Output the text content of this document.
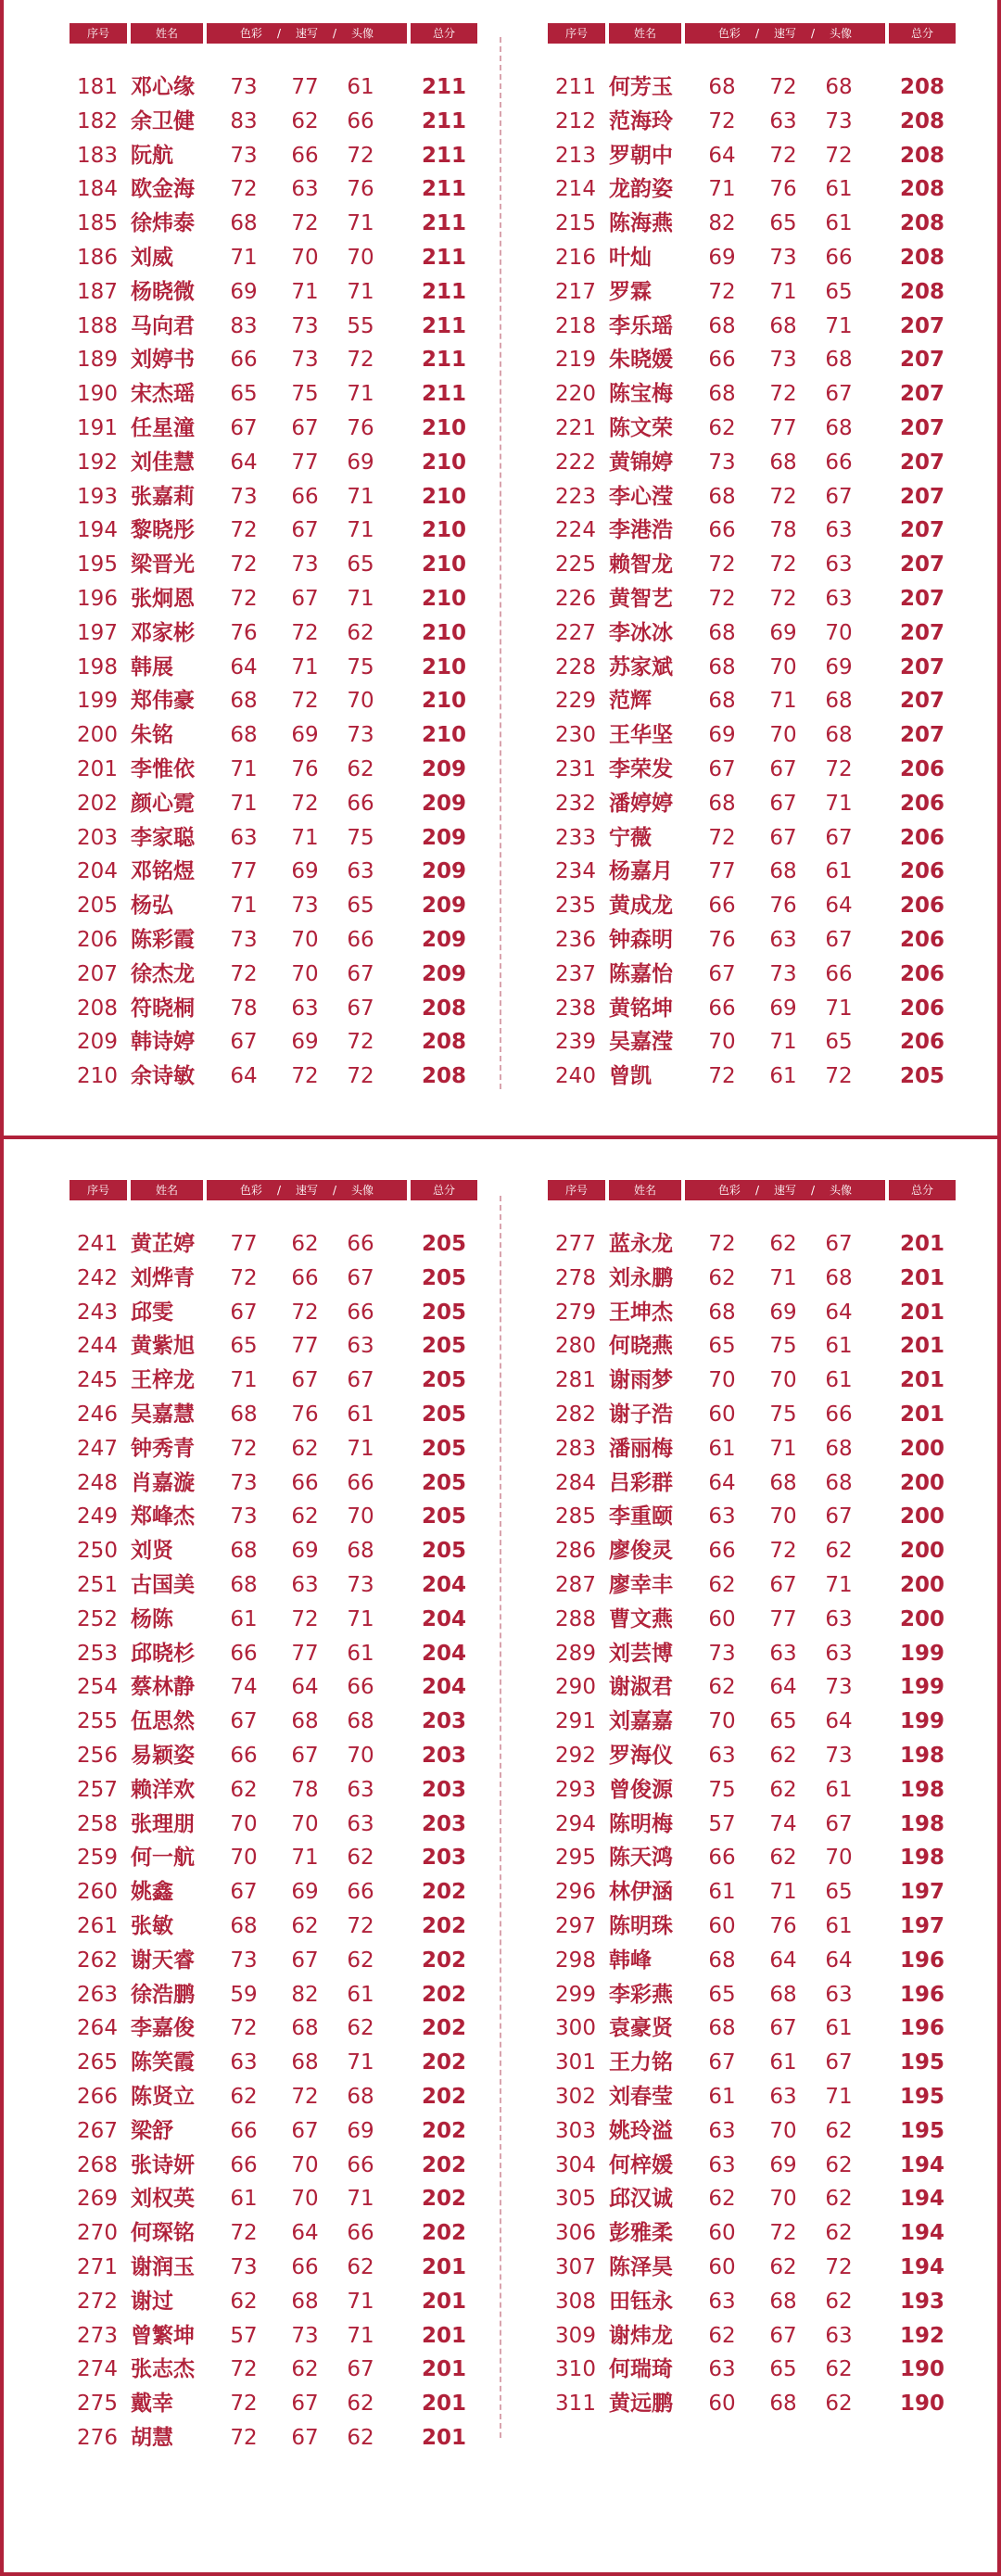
序号	姓名	色彩 / 速写 / 头像	总分
181 邓心缘	73 77 61	211
182 余卫健	83 62 66	211
183 阮航	73 66 72	211
184 欧金海	72 63 76	211
185 徐炜泰	68 72 71	211
186 刘威	71 70 70	211
187 杨晓微	69 71 71	211
188 马向君	83 73 55	211
189 刘婷书	66 73 72	211
190 宋杰瑶	65 75 71	211
191 任星潼	67 67 76	210
192 刘佳慧	64 77 69	210
193 张嘉莉	73 66 71	210
194 黎晓彤	72 67 71	210
195 梁晋光	72 73 65	210
196 张炯恩	72 67 71	210
197 邓家彬	76 72 62	210
198 韩展	64 71 75	210
199 郑伟豪	68 72 70	210
200 朱铭	68 69 73	210
201 李惟依	71 76 62	209
202 颜心霓	71 72 66	209
203 李家聪	63 71 75	209
204 邓铭煜	77 69 63	209
205 杨弘	71 73 65	209
206 陈彩霞	73 70 66	209
207 徐杰龙	72 70 67	209
208 符晓桐	78 63 67	208
209 韩诗婷	67 69 72	208
210 余诗敏	64 72 72	208
序号	姓名	色彩 / 速写 / 头像	总分
211 何芳玉	68 72 68	208
212 范海玲	72 63 73	208
213 罗朝中	64 72 72	208
214 龙韵姿	71 76 61	208
215 陈海燕	82 65 61	208
216 叶灿	69 73 66	208
217 罗霖	72 71 65	208
218 李乐瑶	68 68 71	207
219 朱晓媛	66 73 68	207
220 陈宝梅	68 72 67	207
221 陈文荣	62 77 68	207
222 黄锦婷	73 68 66	207
223 李心滢	68 72 67	207
224 李港浩	66 78 63	207
225 赖智龙	72 72 63	207
226 黄智艺	72 72 63	207
227 李冰冰	68 69 70	207
228 苏家斌	68 70 69	207
229 范辉	68 71 68	207
230 王华坚	69 70 68	207
231 李荣发	67 67 72	206
232 潘婷婷	68 67 71	206
233 宁薇	72 67 67	206
234 杨嘉月	77 68 61	206
235 黄成龙	66 76 64	206
236 钟森明	76 63 67	206
237 陈嘉怡	67 73 66	206
238 黄铭坤	66 69 71	206
239 吴嘉滢	70 71 65	206
240 曾凯	72 61 72	205
序号	姓名	色彩 / 速写 / 头像	总分
241 黄芷婷	77 62 66	205
242 刘烨青	72 66 67	205
243 邱雯	67 72 66	205
244 黄紫旭	65 77 63	205
245 王梓龙	71 67 67	205
246 吴嘉慧	68 76 61	205
247 钟秀青	72 62 71	205
248 肖嘉漩	73 66 66	205
249 郑峰杰	73 62 70	205
250 刘贤	68 69 68	205
251 古国美	68 63 73	204
252 杨陈	61 72 71	204
253 邱晓杉	66 77 61	204
254 蔡林静	74 64 66	204
255 伍思然	67 68 68	203
256 易颖姿	66 67 70	203
257 赖洋欢	62 78 63	203
258 张理朋	70 70 63	203
259 何一航	70 71 62	203
260 姚鑫	67 69 66	202
261 张敏	68 62 72	202
262 谢天睿	73 67 62	202
263 徐浩鹏	59 82 61	202
264 李嘉俊	72 68 62	202
265 陈笑霞	63 68 71	202
266 陈贤立	62 72 68	202
267 梁舒	66 67 69	202
268 张诗妍	66 70 66	202
269 刘权英	61 70 71	202
270 何琛铭	72 64 66	202
271 谢润玉	73 66 62	201
272 谢过	62 68 71	201
273 曾繁坤	57 73 71	201
274 张志杰	72 62 67	201
275 戴幸	72 67 62	201
276 胡慧	72 67 62	201
序号	姓名	色彩 / 速写 / 头像	总分
277 蓝永龙	72 62 67	201
278 刘永鹏	62 71 68	201
279 王坤杰	68 69 64	201
280 何晓燕	65 75 61	201
281 谢雨梦	70 70 61	201
282 谢子浩	60 75 66	201
283 潘丽梅	61 71 68	200
284 吕彩群	64 68 68	200
285 李重颐	63 70 67	200
286 廖俊灵	66 72 62	200
287 廖幸丰	62 67 71	200
288 曹文燕	60 77 63	200
289 刘芸博	73 63 63	199
290 谢淑君	62 64 73	199
291 刘嘉嘉	70 65 64	199
292 罗海仪	63 62 73	198
293 曾俊源	75 62 61	198
294 陈明梅	57 74 67	198
295 陈天鸿	66 62 70	198
296 林伊涵	61 71 65	197
297 陈明珠	60 76 61	197
298 韩峰	68 64 64	196
299 李彩燕	65 68 63	196
300 袁豪贤	68 67 61	196
301 王力铭	67 61 67	195
302 刘春莹	61 63 71	195
303 姚玲溢	63 70 62	195
304 何梓媛	63 69 62	194
305 邱汉诚	62 70 62	194
306 彭雅柔	60 72 62	194
307 陈泽昊	60 62 72	194
308 田钰永	63 68 62	193
309 谢炜龙	62 67 63	192
310 何瑞琦	63 65 62	190
311 黄远鹏	60 68 62	190
